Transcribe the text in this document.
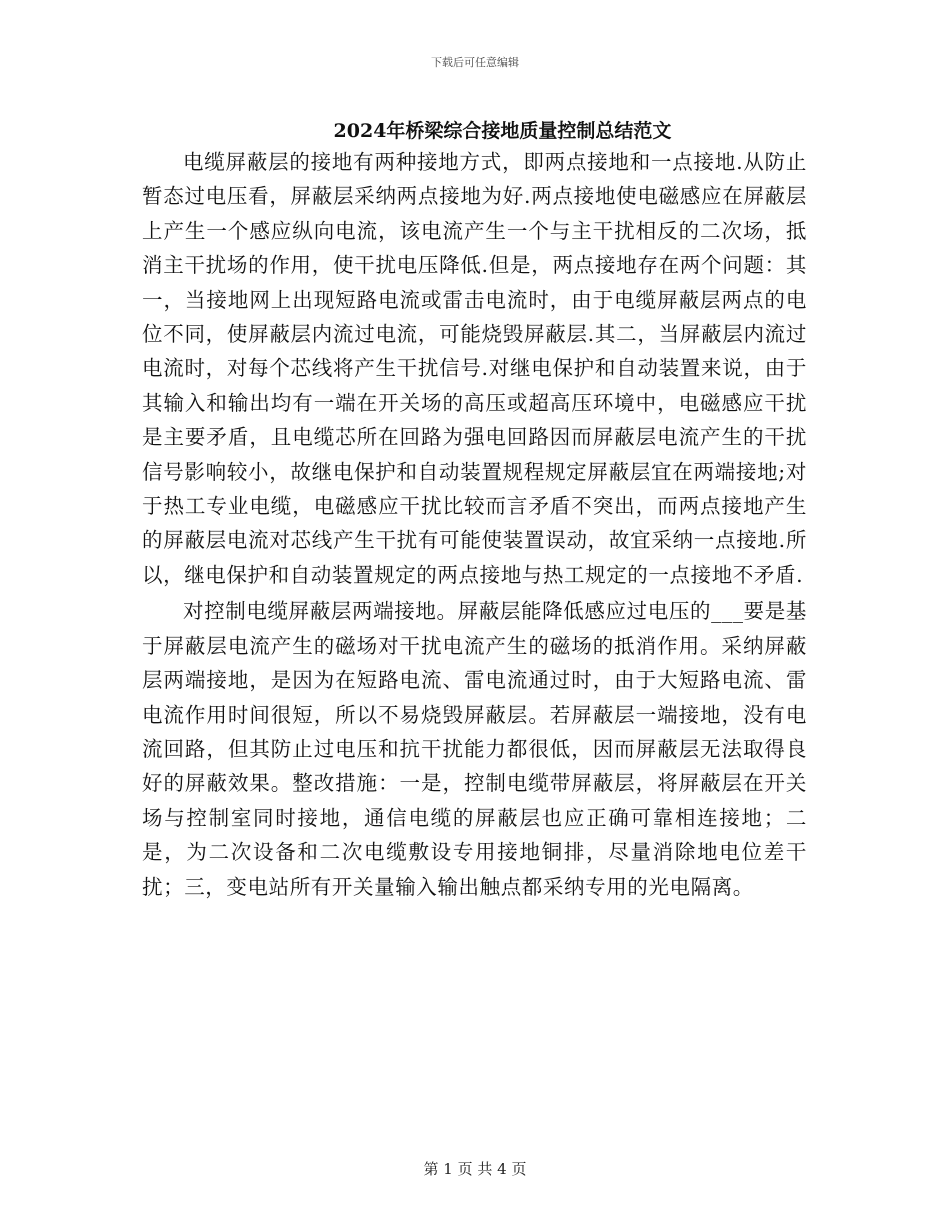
下载后可任意编辑
2024年桥梁综合接地质量控制总结范文

电缆屏蔽层的接地有两种接地方式，即两点接地和一点接地.从防止暂态过电压看，屏蔽层采纳两点接地为好.两点接地使电磁感应在屏蔽层上产生一个感应纵向电流，该电流产生一个与主干扰相反的二次场，抵消主干扰场的作用，使干扰电压降低.但是，两点接地存在两个问题：其一，当接地网上出现短路电流或雷击电流时，由于电缆屏蔽层两点的电位不同，使屏蔽层内流过电流，可能烧毁屏蔽层.其二，当屏蔽层内流过电流时，对每个芯线将产生干扰信号.对继电保护和自动装置来说，由于其输入和输出均有一端在开关场的高压或超高压环境中，电磁感应干扰是主要矛盾，且电缆芯所在回路为强电回路因而屏蔽层电流产生的干扰信号影响较小，故继电保护和自动装置规程规定屏蔽层宜在两端接地;对于热工专业电缆，电磁感应干扰比较而言矛盾不突出，而两点接地产生的屏蔽层电流对芯线产生干扰有可能使装置误动，故宜采纳一点接地.所以，继电保护和自动装置规定的两点接地与热工规定的一点接地不矛盾.

对控制电缆屏蔽层两端接地。屏蔽层能降低感应过电压的___要是基于屏蔽层电流产生的磁场对干扰电流产生的磁场的抵消作用。采纳屏蔽层两端接地，是因为在短路电流、雷电流通过时，由于大短路电流、雷电流作用时间很短，所以不易烧毁屏蔽层。若屏蔽层一端接地，没有电流回路，但其防止过电压和抗干扰能力都很低，因而屏蔽层无法取得良好的屏蔽效果。整改措施：一是，控制电缆带屏蔽层，将屏蔽层在开关场与控制室同时接地，通信电缆的屏蔽层也应正确可靠相连接地；二是，为二次设备和二次电缆敷设专用接地铜排，尽量消除地电位差干扰；三，变电站所有开关量输入输出触点都采纳专用的光电隔离。

第 1 页 共 4 页
